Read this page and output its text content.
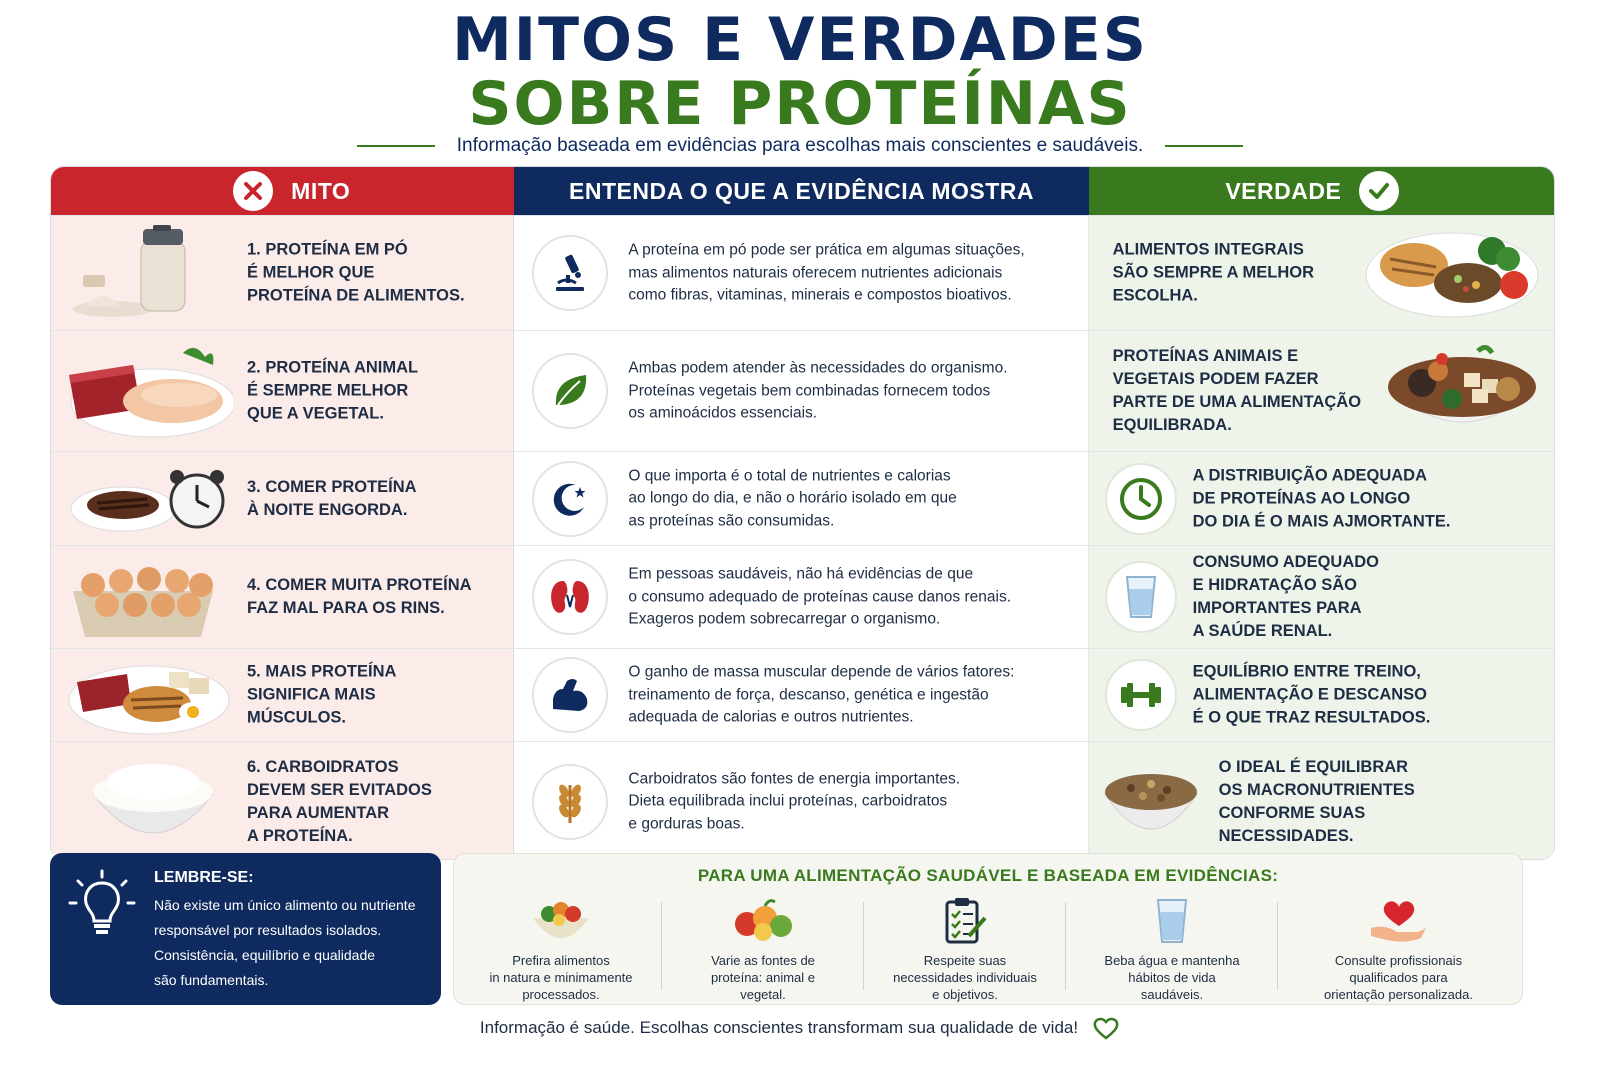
MITOS E VERDADES
SOBRE PROTEÍNAS
Informação baseada em evidências para escolhas mais conscientes e saudáveis.
MITO	ENTENDA O QUE A EVIDÊNCIA MOSTRA	VERDADE
1. PROTEÍNA EM PÓ
É MELHOR QUE
PROTEÍNA DE ALIMENTOS.
A proteína em pó pode ser prática em algumas situações,
mas alimentos naturais oferecem nutrientes adicionais
como fibras, vitaminas, minerais e compostos bioativos.
ALIMENTOS INTEGRAIS
SÃO SEMPRE A MELHOR
ESCOLHA.
2. PROTEÍNA ANIMAL
É SEMPRE MELHOR
QUE A VEGETAL.
Ambas podem atender às necessidades do organismo.
Proteínas vegetais bem combinadas fornecem todos
os aminoácidos essenciais.
PROTEÍNAS ANIMAIS E
VEGETAIS PODEM FAZER
PARTE DE UMA ALIMENTAÇÃO
EQUILIBRADA.
3. COMER PROTEÍNA
À NOITE ENGORDA.
O que importa é o total de nutrientes e calorias
ao longo do dia, e não o horário isolado em que
as proteínas são consumidas.
A DISTRIBUIÇÃO ADEQUADA
DE PROTEÍNAS AO LONGO
DO DIA É O MAIS AJMORTANTE.
4. COMER MUITA PROTEÍNA
FAZ MAL PARA OS RINS.
Em pessoas saudáveis, não há evidências de que
o consumo adequado de proteínas cause danos renais.
Exageros podem sobrecarregar o organismo.
CONSUMO ADEQUADO
E HIDRATAÇÃO SÃO
IMPORTANTES PARA
A SAÚDE RENAL.
5. MAIS PROTEÍNA
SIGNIFICA MAIS
MÚSCULOS.
O ganho de massa muscular depende de vários fatores:
treinamento de força, descanso, genética e ingestão
adequada de calorias e outros nutrientes.
EQUILÍBRIO ENTRE TREINO,
ALIMENTAÇÃO E DESCANSO
É O QUE TRAZ RESULTADOS.
6. CARBOIDRATOS
DEVEM SER EVITADOS
PARA AUMENTAR
A PROTEÍNA.
Carboidratos são fontes de energia importantes.
Dieta equilibrada inclui proteínas, carboidratos
e gorduras boas.
O IDEAL É EQUILIBRAR
OS MACRONUTRIENTES
CONFORME SUAS
NECESSIDADES.
LEMBRE-SE:
Não existe um único alimento ou nutriente
responsável por resultados isolados.
Consistência, equilíbrio e qualidade
são fundamentais.
PARA UMA ALIMENTAÇÃO SAUDÁVEL E BASEADA EM EVIDÊNCIAS:
Prefira alimentos
in natura e minimamente
processados.
Varie as fontes de
proteína: animal e
vegetal.
Respeite suas
necessidades individuais
e objetivos.
Beba água e mantenha
hábitos de vida
saudáveis.
Consulte profissionais
qualificados para
orientação personalizada.
Informação é saúde. Escolhas conscientes transformam sua qualidade de vida!
